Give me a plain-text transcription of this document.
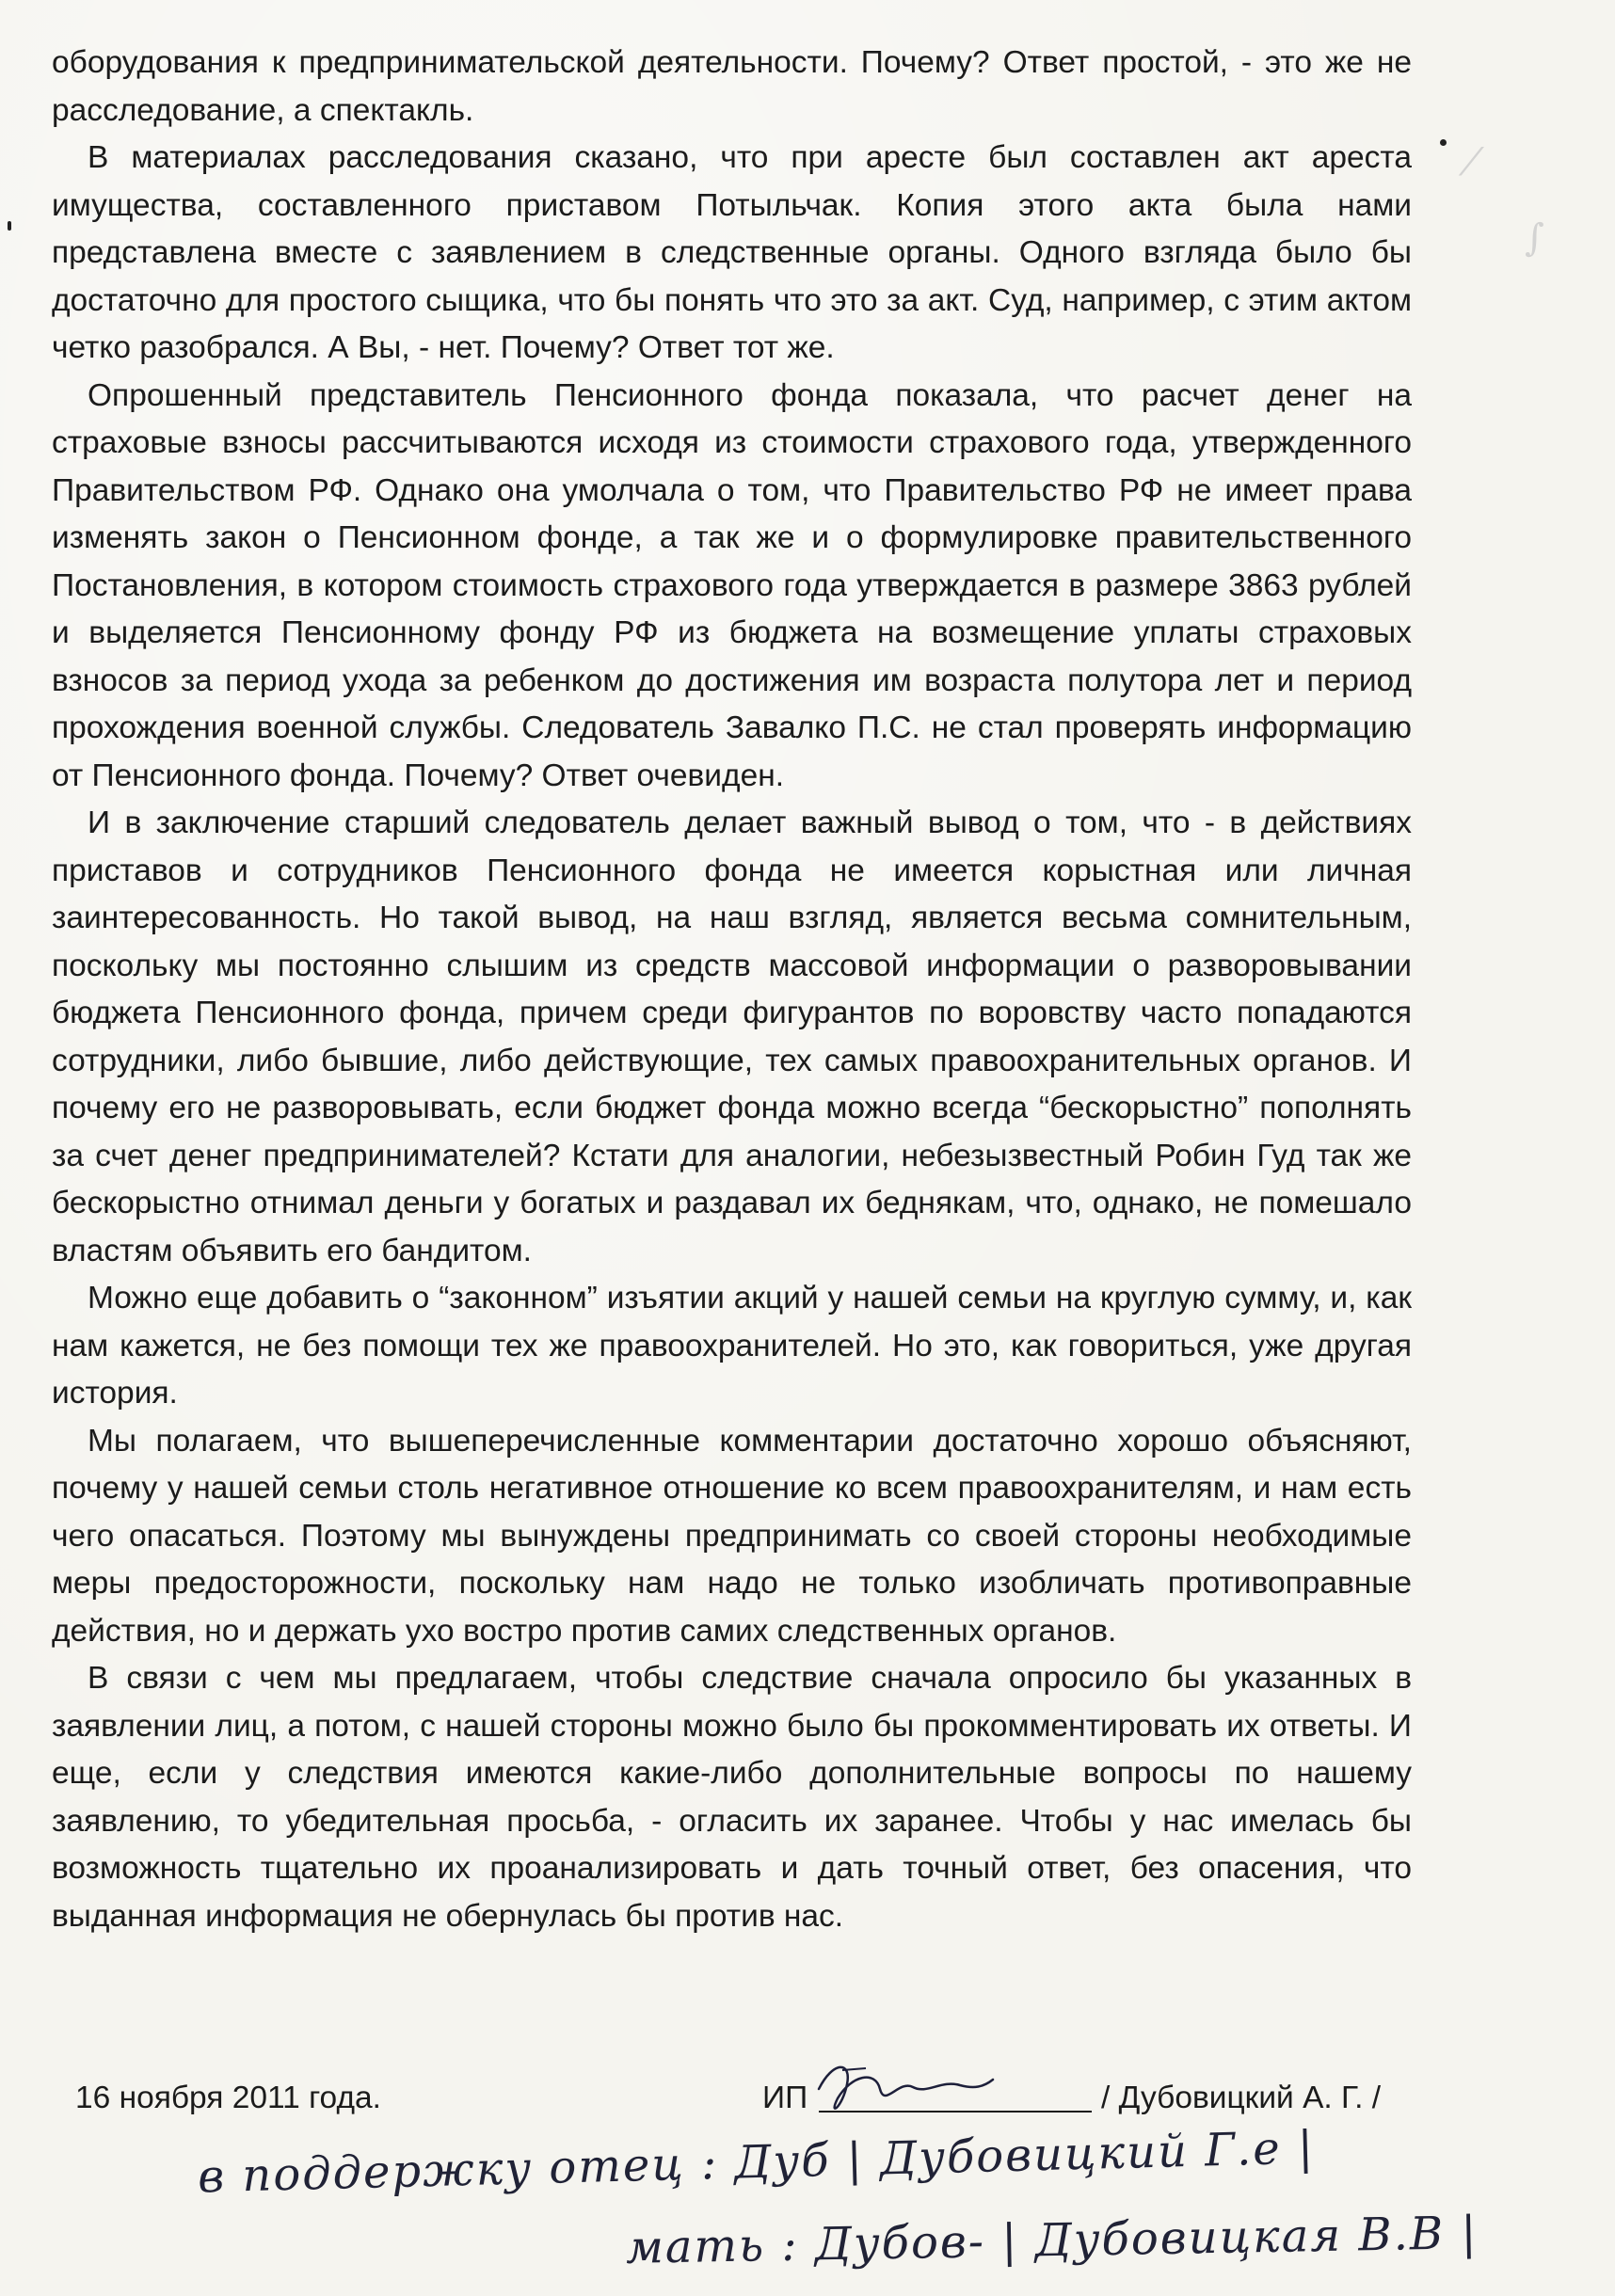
⁄
∫

оборудования к предпринимательской деятельности. Почему? Ответ простой, - это же не расследование, а спектакль.

В материалах расследования сказано, что при аресте был составлен акт ареста имущества, составленного приставом Потыльчак. Копия этого акта была нами представлена вместе с заявлением в следственные органы. Одного взгляда было бы достаточно для простого сыщика, что бы понять что это за акт. Суд, например, с этим актом четко разобрался. А Вы, - нет. Почему? Ответ тот же.

Опрошенный представитель Пенсионного фонда показала, что расчет денег на страховые взносы рассчитываются исходя из стоимости страхового года, утвержденного Правительством РФ. Однако она умолчала о том, что Правительство РФ не имеет права изменять закон о Пенсионном фонде, а так же и о формулировке правительственного Постановления, в котором стоимость страхового года утверждается в размере 3863 рублей и выделяется Пенсионному фонду РФ из бюджета на возмещение уплаты страховых взносов за период ухода за ребенком до достижения им возраста полутора лет и период прохождения военной службы. Следователь Завалко П.С. не стал проверять информацию от Пенсионного фонда. Почему? Ответ очевиден.

И в заключение старший следователь делает важный вывод о том, что - в действиях приставов и сотрудников Пенсионного фонда не имеется корыстная или личная заинтересованность. Но такой вывод, на наш взгляд, является весьма сомнительным, поскольку мы постоянно слышим из средств массовой информации о разворовывании бюджета Пенсионного фонда, причем среди фигурантов по воровству часто попадаются сотрудники, либо бывшие, либо действующие, тех самых правоохранительных органов. И почему его не разворовывать, если бюджет фонда можно всегда “бескорыстно” пополнять за счет денег предпринимателей? Кстати для аналогии, небезызвестный Робин Гуд так же бескорыстно отнимал деньги у богатых и раздавал их беднякам, что, однако, не помешало властям объявить его бандитом.

Можно еще добавить о “законном” изъятии акций у нашей семьи на круглую сумму, и, как нам кажется, не без помощи тех же правоохранителей. Но это, как говориться, уже другая история.

Мы полагаем, что вышеперечисленные комментарии достаточно хорошо объясняют, почему у нашей семьи столь негативное отношение ко всем правоохранителям, и нам есть чего опасаться. Поэтому мы вынуждены предпринимать со своей стороны необходимые меры предосторожности, поскольку нам надо не только изобличать противоправные действия, но и держать ухо востро против самих следственных органов.

В связи с чем мы предлагаем, чтобы следствие сначала опросило бы указанных в заявлении лиц, а потом, с нашей стороны можно было бы прокомментировать их ответы. И еще, если у следствия имеются какие-либо дополнительные вопросы по нашему заявлению, то убедительная просьба, - огласить их заранее. Чтобы у нас имелась бы возможность тщательно их проанализировать и дать точный ответ, без опасения, что выданная информация не обернулась бы против нас.

16 ноября 2011 года.	ИП	/ Дубовицкий А. Г. /
в поддержку отец : Дуб | Дубовицкий Г.е |
мать : Дубов- | Дубовицкая В.В |
